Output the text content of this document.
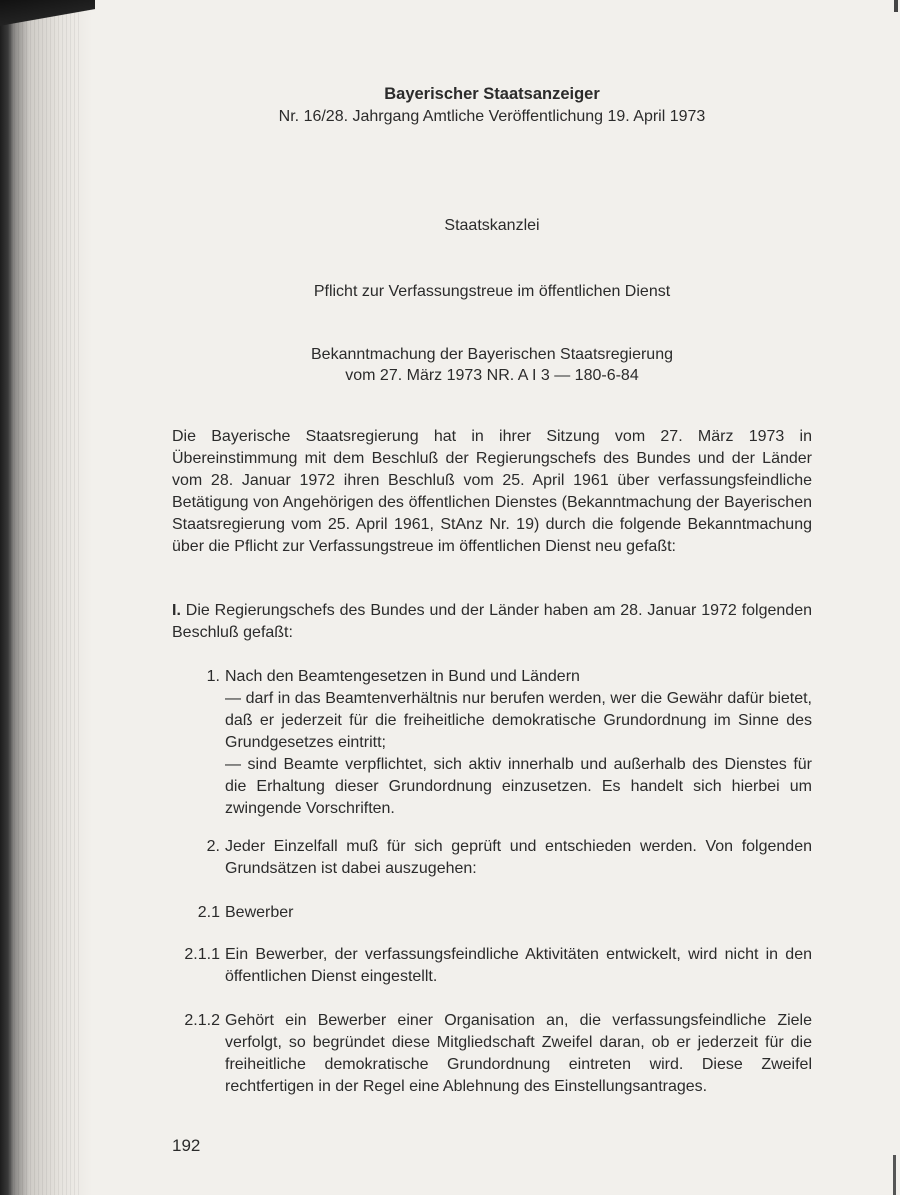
Bayerischer Staatsanzeiger
Nr. 16/28. Jahrgang Amtliche Veröffentlichung 19. April 1973
Staatskanzlei
Pflicht zur Verfassungstreue im öffentlichen Dienst
Bekanntmachung der Bayerischen Staatsregierung
vom 27. März 1973 NR. A I 3 — 180-6-84
Die Bayerische Staatsregierung hat in ihrer Sitzung vom 27. März 1973 in Übereinstimmung mit dem Beschluß der Regierungschefs des Bundes und der Länder vom 28. Januar 1972 ihren Beschluß vom 25. April 1961 über verfassungsfeindliche Betätigung von Angehörigen des öffentlichen Dienstes (Bekanntmachung der Bayerischen Staatsregierung vom 25. April 1961, StAnz Nr. 19) durch die folgende Bekanntmachung über die Pflicht zur Verfassungstreue im öffentlichen Dienst neu gefaßt:
I. Die Regierungschefs des Bundes und der Länder haben am 28. Januar 1972 folgenden Beschluß gefaßt:
1. Nach den Beamtengesetzen in Bund und Ländern
— darf in das Beamtenverhältnis nur berufen werden, wer die Gewähr dafür bietet, daß er jederzeit für die freiheitliche demokratische Grundordnung im Sinne des Grundgesetzes eintritt;
— sind Beamte verpflichtet, sich aktiv innerhalb und außerhalb des Dienstes für die Erhaltung dieser Grundordnung einzusetzen. Es handelt sich hierbei um zwingende Vorschriften.
2. Jeder Einzelfall muß für sich geprüft und entschieden werden. Von folgenden Grundsätzen ist dabei auszugehen:
2.1 Bewerber
2.1.1 Ein Bewerber, der verfassungsfeindliche Aktivitäten entwickelt, wird nicht in den öffentlichen Dienst eingestellt.
2.1.2 Gehört ein Bewerber einer Organisation an, die verfassungsfeindliche Ziele verfolgt, so begründet diese Mitgliedschaft Zweifel daran, ob er jederzeit für die freiheitliche demokratische Grundordnung eintreten wird. Diese Zweifel rechtfertigen in der Regel eine Ablehnung des Einstellungsantrages.
192
